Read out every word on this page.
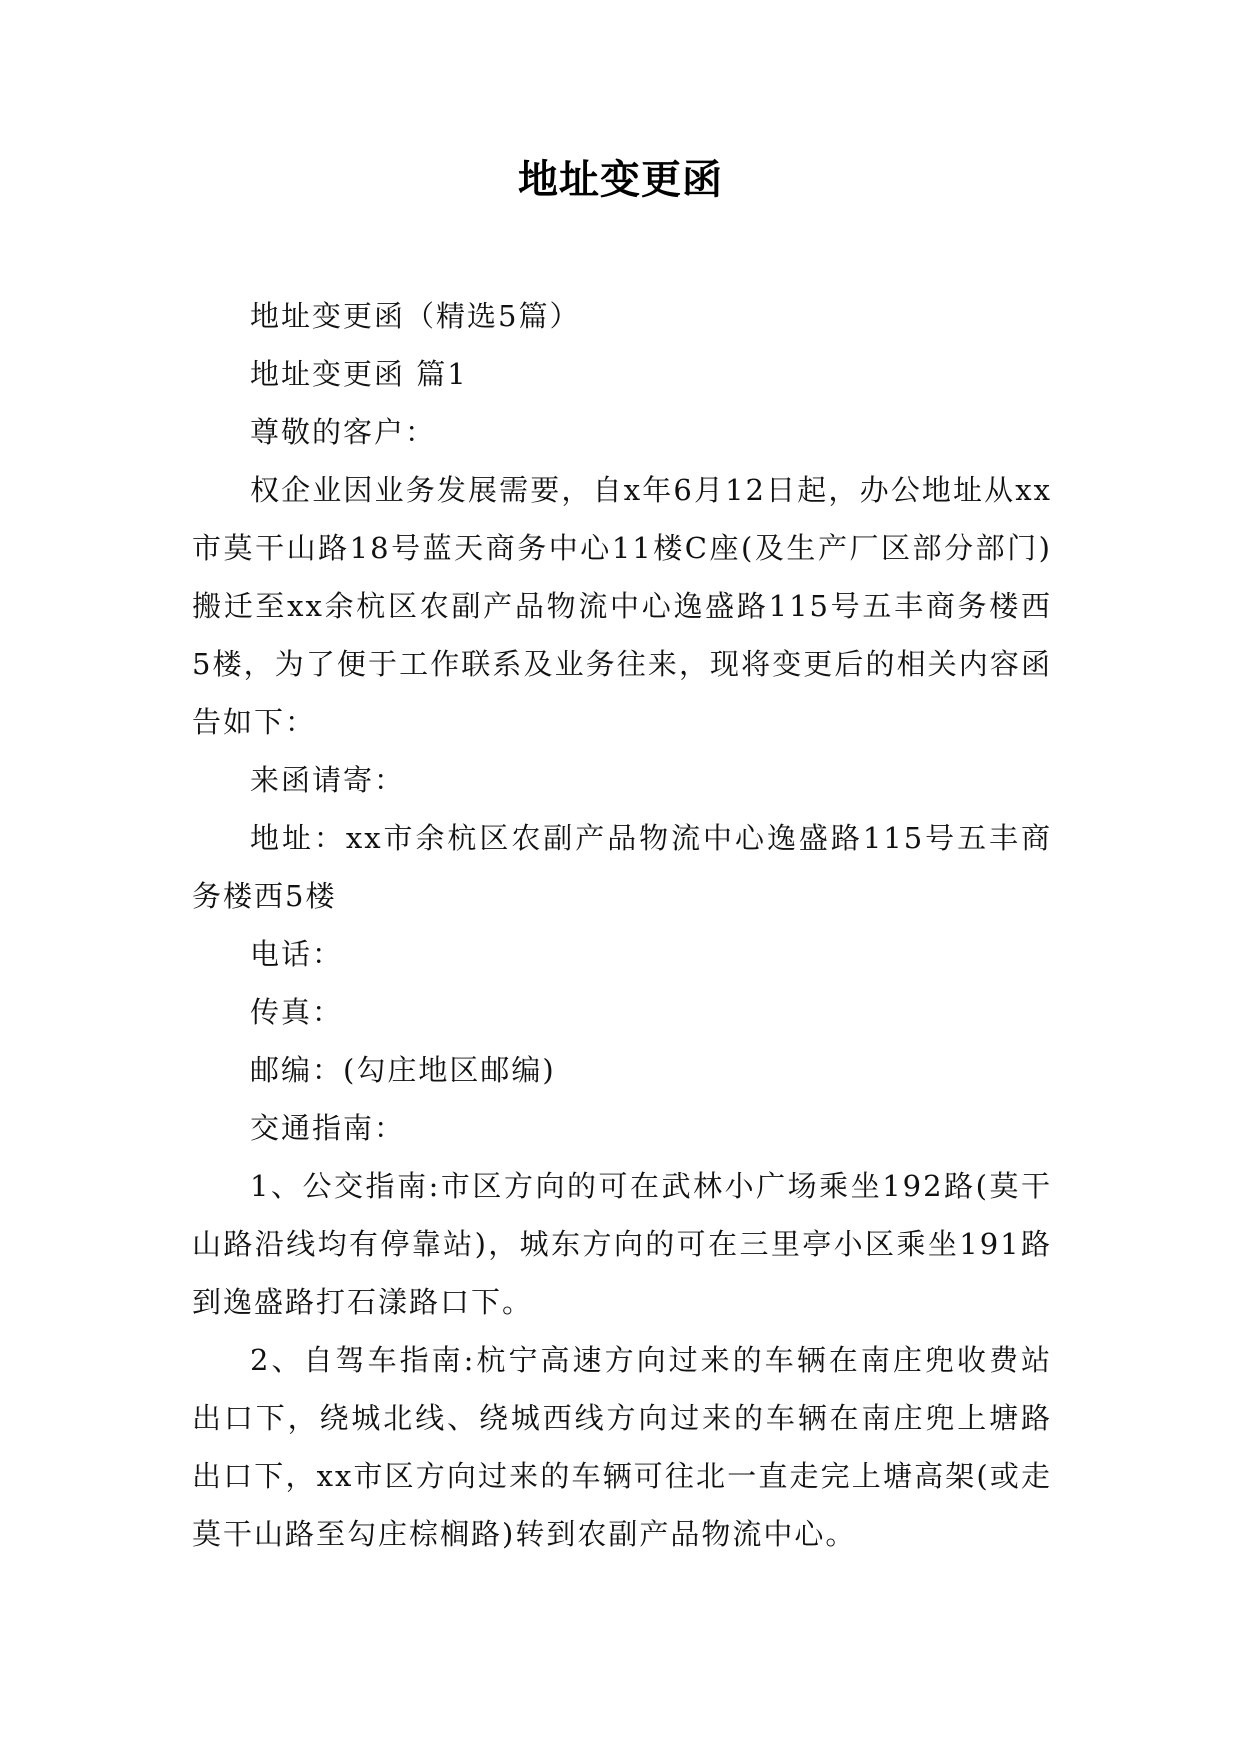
地址变更函

地址变更函（精选5篇）

地址变更函 篇1

尊敬的客户：

权企业因业务发展需要，自x年6月12日起，办公地址从xx市莫干山路18号蓝天商务中心11楼C座(及生产厂区部分部门)搬迁至xx余杭区农副产品物流中心逸盛路115号五丰商务楼西5楼，为了便于工作联系及业务往来，现将变更后的相关内容函告如下：

来函请寄：

地址：xx市余杭区农副产品物流中心逸盛路115号五丰商务楼西5楼

电话：

传真：

邮编：(勾庄地区邮编)

交通指南：

1、公交指南:市区方向的可在武林小广场乘坐192路(莫干山路沿线均有停靠站)，城东方向的可在三里亭小区乘坐191路到逸盛路打石漾路口下。

2、自驾车指南:杭宁高速方向过来的车辆在南庄兜收费站出口下，绕城北线、绕城西线方向过来的车辆在南庄兜上塘路出口下，xx市区方向过来的车辆可往北一直走完上塘高架(或走莫干山路至勾庄棕榈路)转到农副产品物流中心。
